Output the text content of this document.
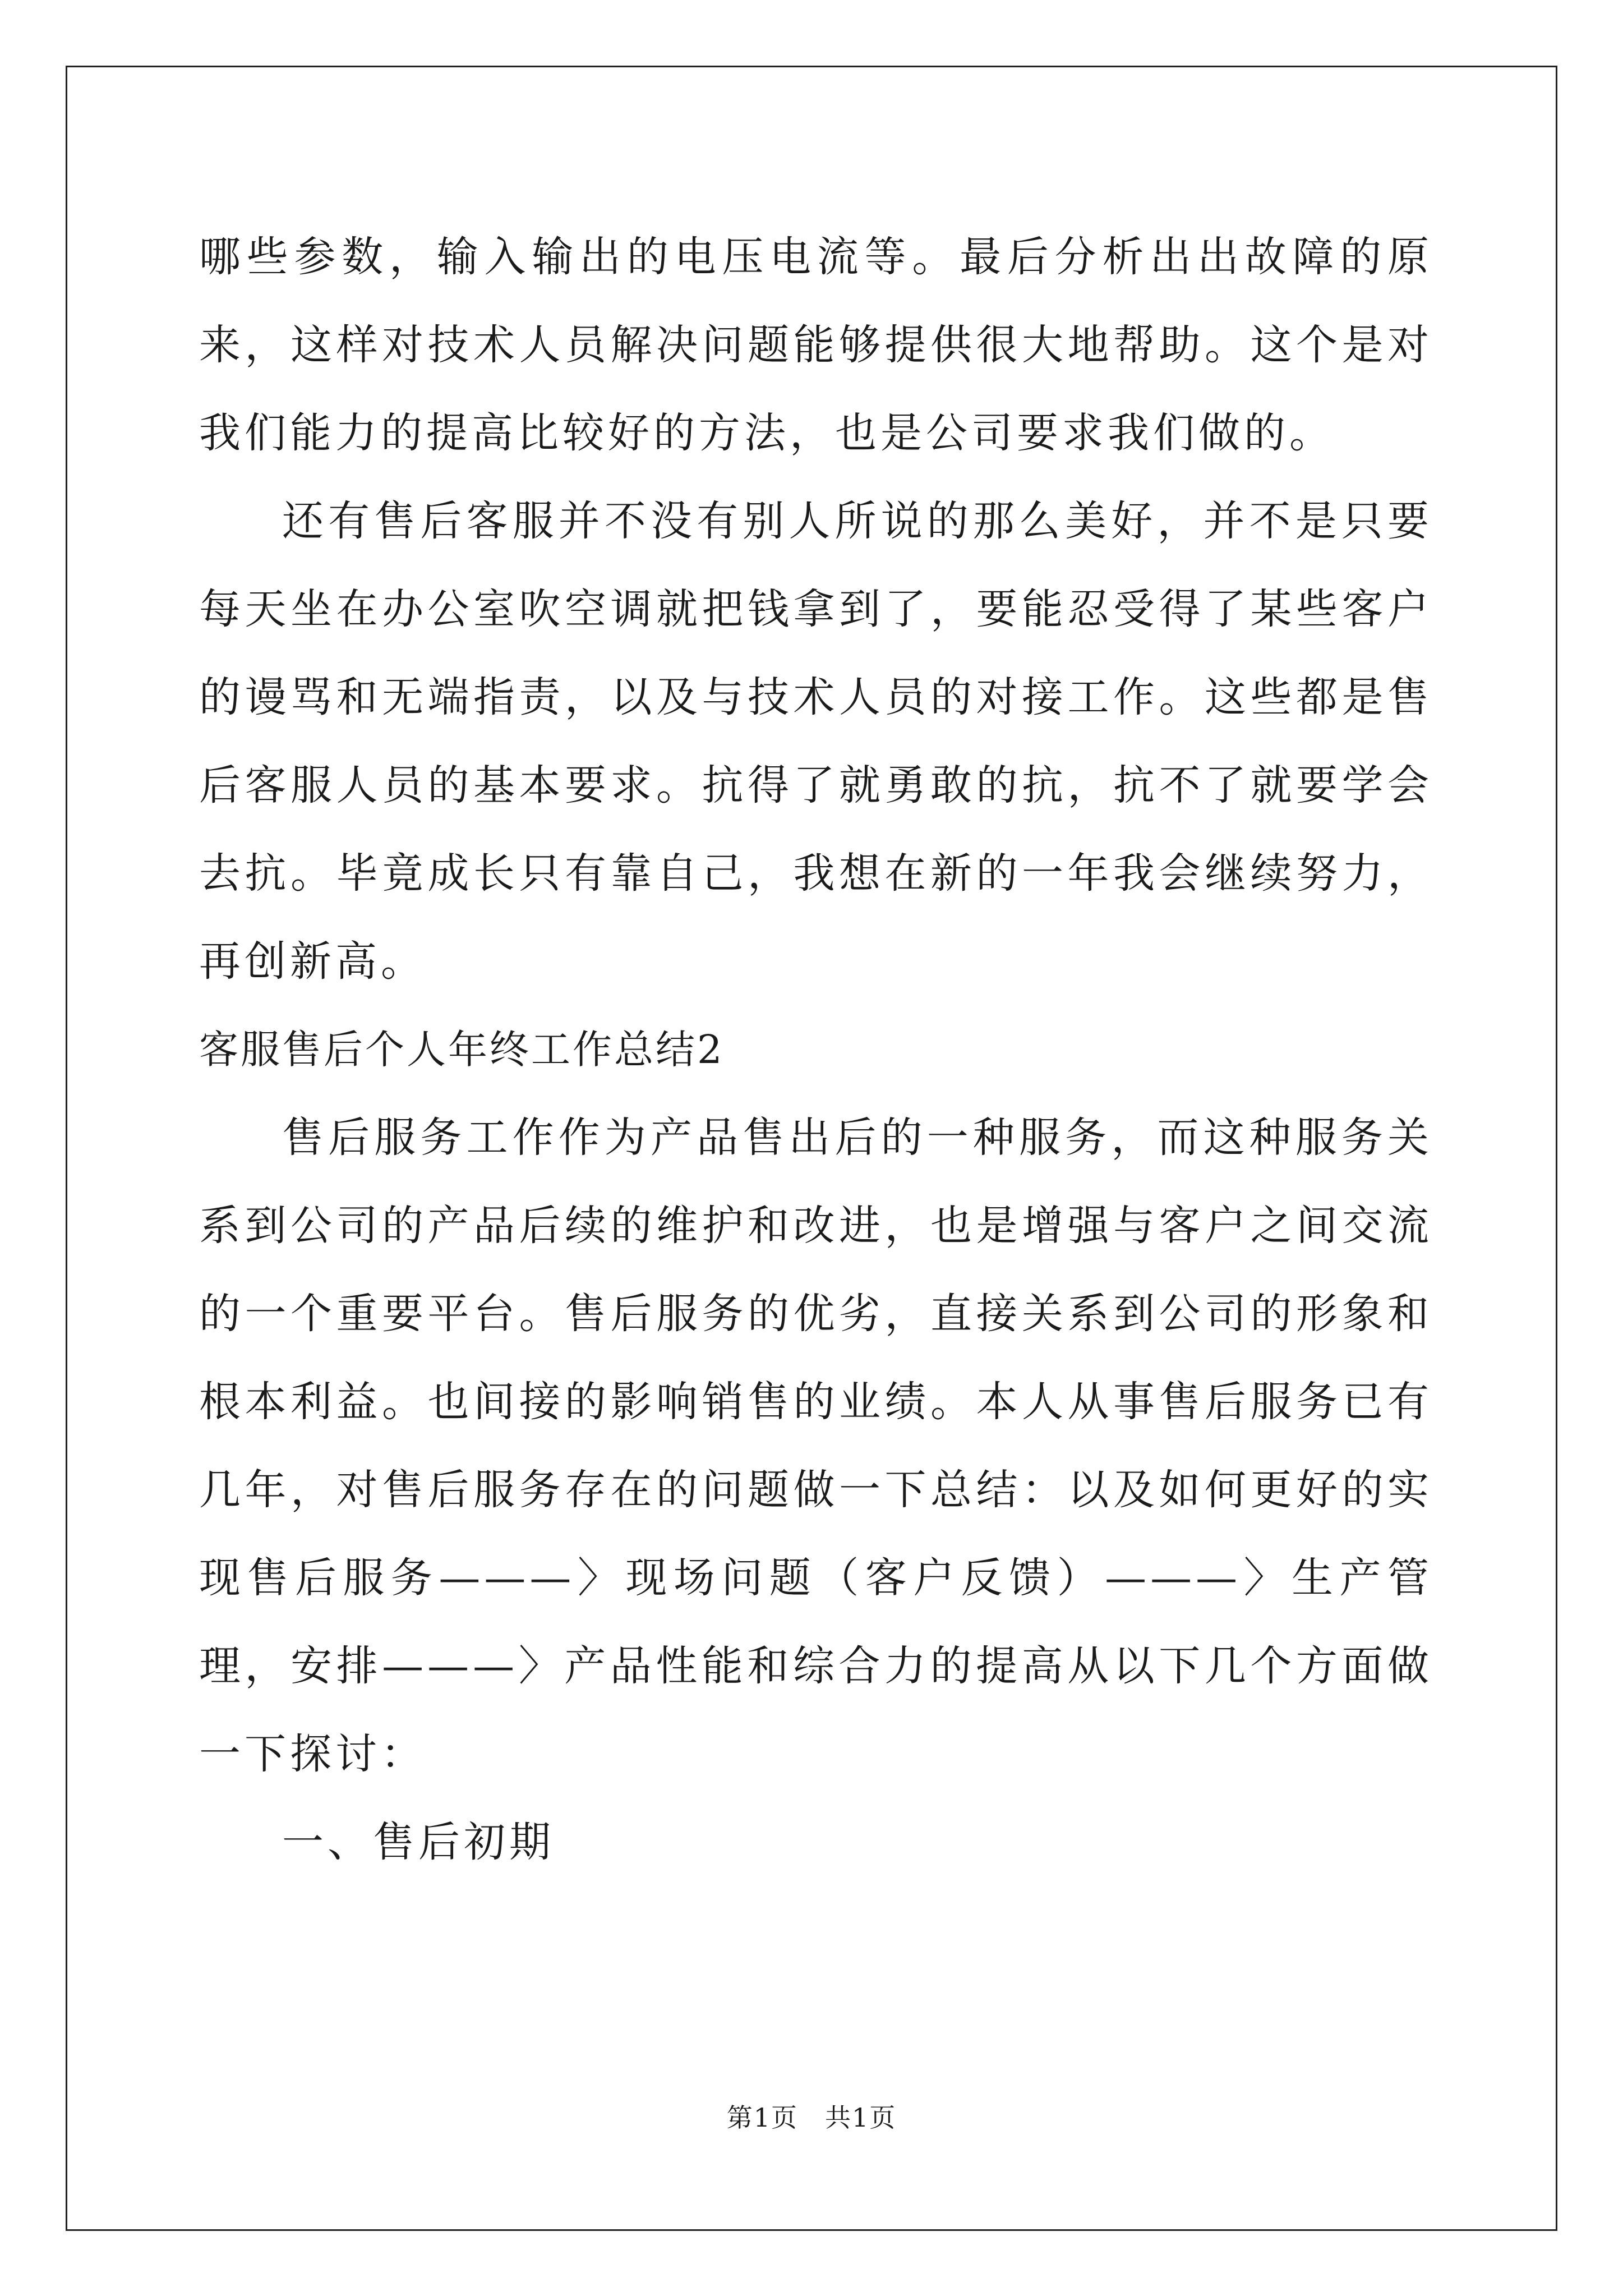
哪些参数，输入输出的电压电流等。最后分析出出故障的原来，这样对技术人员解决问题能够提供很大地帮助。这个是对我们能力的提高比较好的方法，也是公司要求我们做的。

还有售后客服并不没有别人所说的那么美好，并不是只要每天坐在办公室吹空调就把钱拿到了，要能忍受得了某些客户的谩骂和无端指责，以及与技术人员的对接工作。这些都是售后客服人员的基本要求。抗得了就勇敢的抗，抗不了就要学会去抗。毕竟成长只有靠自己，我想在新的一年我会继续努力，再创新高。

客服售后个人年终工作总结2

售后服务工作作为产品售出后的一种服务，而这种服务关系到公司的产品后续的维护和改进，也是增强与客户之间交流的一个重要平台。售后服务的优劣，直接关系到公司的形象和根本利益。也间接的影响销售的业绩。本人从事售后服务已有几年，对售后服务存在的问题做一下总结：以及如何更好的实现售后服务———〉现场问题（客户反馈）———〉生产管理，安排———〉产品性能和综合力的提高从以下几个方面做一下探讨：

一、售后初期

第1页 共1页
